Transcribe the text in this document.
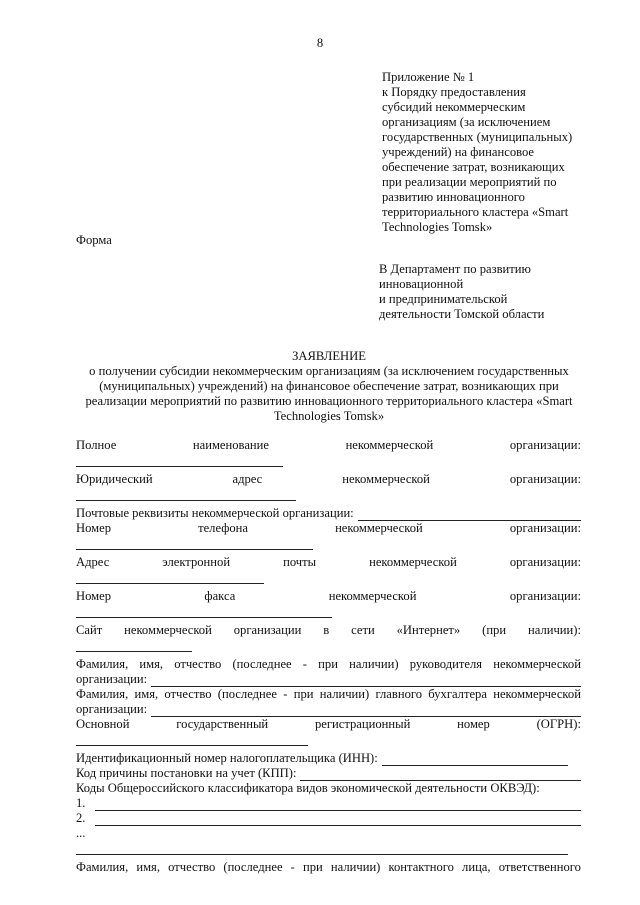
8
Приложение № 1
к Порядку предоставления
субсидий некоммерческим
организациям (за исключением
государственных (муниципальных)
учреждений) на финансовое
обеспечение затрат, возникающих
при реализации мероприятий по
развитию инновационного
территориального кластера «Smart
Technologies Tomsk»
Форма
В Департамент по развитию
инновационной
и предпринимательской
деятельности Томской области
ЗАЯВЛЕНИЕ
о получении субсидии некоммерческим организациям (за исключением государственных (муниципальных) учреждений) на финансовое обеспечение затрат, возникающих при реализации мероприятий по развитию инновационного территориального кластера «Smart Technologies Tomsk»
Полное	наименование	некоммерческой	организации:
Юридический	адрес	некоммерческой	организации:
Почтовые реквизиты некоммерческой организации:
Номер	телефона	некоммерческой	организации:
Адрес	электронной	почты	некоммерческой	организации:
Номер	факса	некоммерческой	организации:
Сайт некоммерческой организации в сети «Интернет» (при наличии):
Фамилия, имя, отчество (последнее - при наличии) руководителя некоммерческой
организации:
Фамилия, имя, отчество (последнее - при наличии) главного бухгалтера некоммерческой
организации:
Основной	государственный	регистрационный	номер	(ОГРН):
Идентификационный номер налогоплательщика (ИНН):
Код причины постановки на учет (КПП):
Коды Общероссийского классификатора видов экономической деятельности ОКВЭД):
1.
2.
...
Фамилия, имя, отчество (последнее - при наличии) контактного лица, ответственного
